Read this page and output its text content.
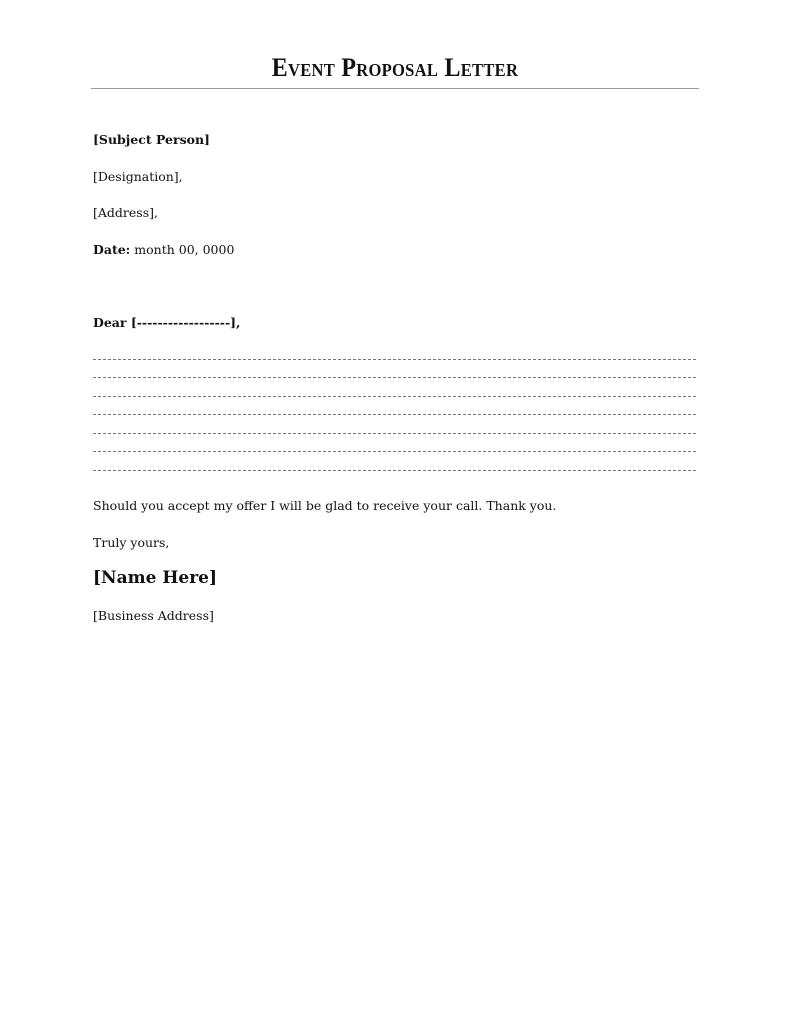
Event Proposal Letter
[Subject Person]
[Designation],
[Address],
Date: month 00, 0000
Dear [------------------],
Should you accept my offer I will be glad to receive your call. Thank you.
Truly yours,
[Name Here]
[Business Address]
